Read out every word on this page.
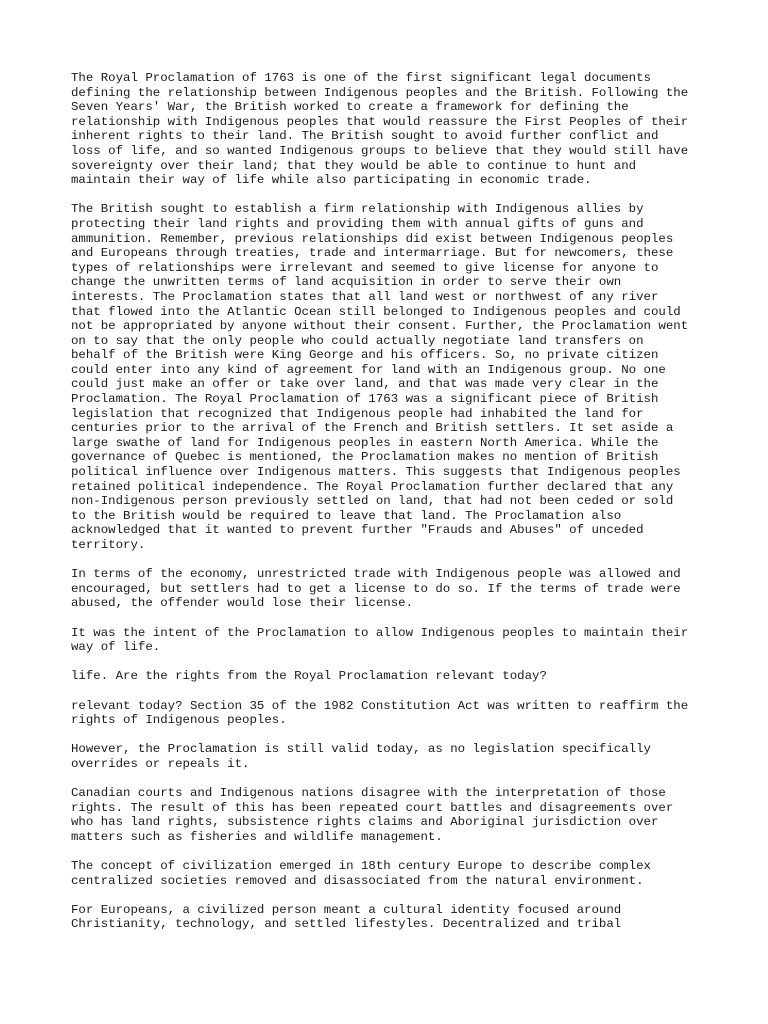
The Royal Proclamation of 1763 is one of the first significant legal documents
defining the relationship between Indigenous peoples and the British. Following the
Seven Years' War, the British worked to create a framework for defining the
relationship with Indigenous peoples that would reassure the First Peoples of their
inherent rights to their land. The British sought to avoid further conflict and
loss of life, and so wanted Indigenous groups to believe that they would still have
sovereignty over their land; that they would be able to continue to hunt and
maintain their way of life while also participating in economic trade.

The British sought to establish a firm relationship with Indigenous allies by
protecting their land rights and providing them with annual gifts of guns and
ammunition. Remember, previous relationships did exist between Indigenous peoples
and Europeans through treaties, trade and intermarriage. But for newcomers, these
types of relationships were irrelevant and seemed to give license for anyone to
change the unwritten terms of land acquisition in order to serve their own
interests. The Proclamation states that all land west or northwest of any river
that flowed into the Atlantic Ocean still belonged to Indigenous peoples and could
not be appropriated by anyone without their consent. Further, the Proclamation went
on to say that the only people who could actually negotiate land transfers on
behalf of the British were King George and his officers. So, no private citizen
could enter into any kind of agreement for land with an Indigenous group. No one
could just make an offer or take over land, and that was made very clear in the
Proclamation. The Royal Proclamation of 1763 was a significant piece of British
legislation that recognized that Indigenous people had inhabited the land for
centuries prior to the arrival of the French and British settlers. It set aside a
large swathe of land for Indigenous peoples in eastern North America. While the
governance of Quebec is mentioned, the Proclamation makes no mention of British
political influence over Indigenous matters. This suggests that Indigenous peoples
retained political independence. The Royal Proclamation further declared that any
non-Indigenous person previously settled on land, that had not been ceded or sold
to the British would be required to leave that land. The Proclamation also
acknowledged that it wanted to prevent further "Frauds and Abuses" of unceded
territory.

In terms of the economy, unrestricted trade with Indigenous people was allowed and
encouraged, but settlers had to get a license to do so. If the terms of trade were
abused, the offender would lose their license.

It was the intent of the Proclamation to allow Indigenous peoples to maintain their
way of life.

life. Are the rights from the Royal Proclamation relevant today?

relevant today? Section 35 of the 1982 Constitution Act was written to reaffirm the
rights of Indigenous peoples.

However, the Proclamation is still valid today, as no legislation specifically
overrides or repeals it.

Canadian courts and Indigenous nations disagree with the interpretation of those
rights. The result of this has been repeated court battles and disagreements over
who has land rights, subsistence rights claims and Aboriginal jurisdiction over
matters such as fisheries and wildlife management.

The concept of civilization emerged in 18th century Europe to describe complex
centralized societies removed and disassociated from the natural environment.

For Europeans, a civilized person meant a cultural identity focused around
Christianity, technology, and settled lifestyles. Decentralized and tribal
